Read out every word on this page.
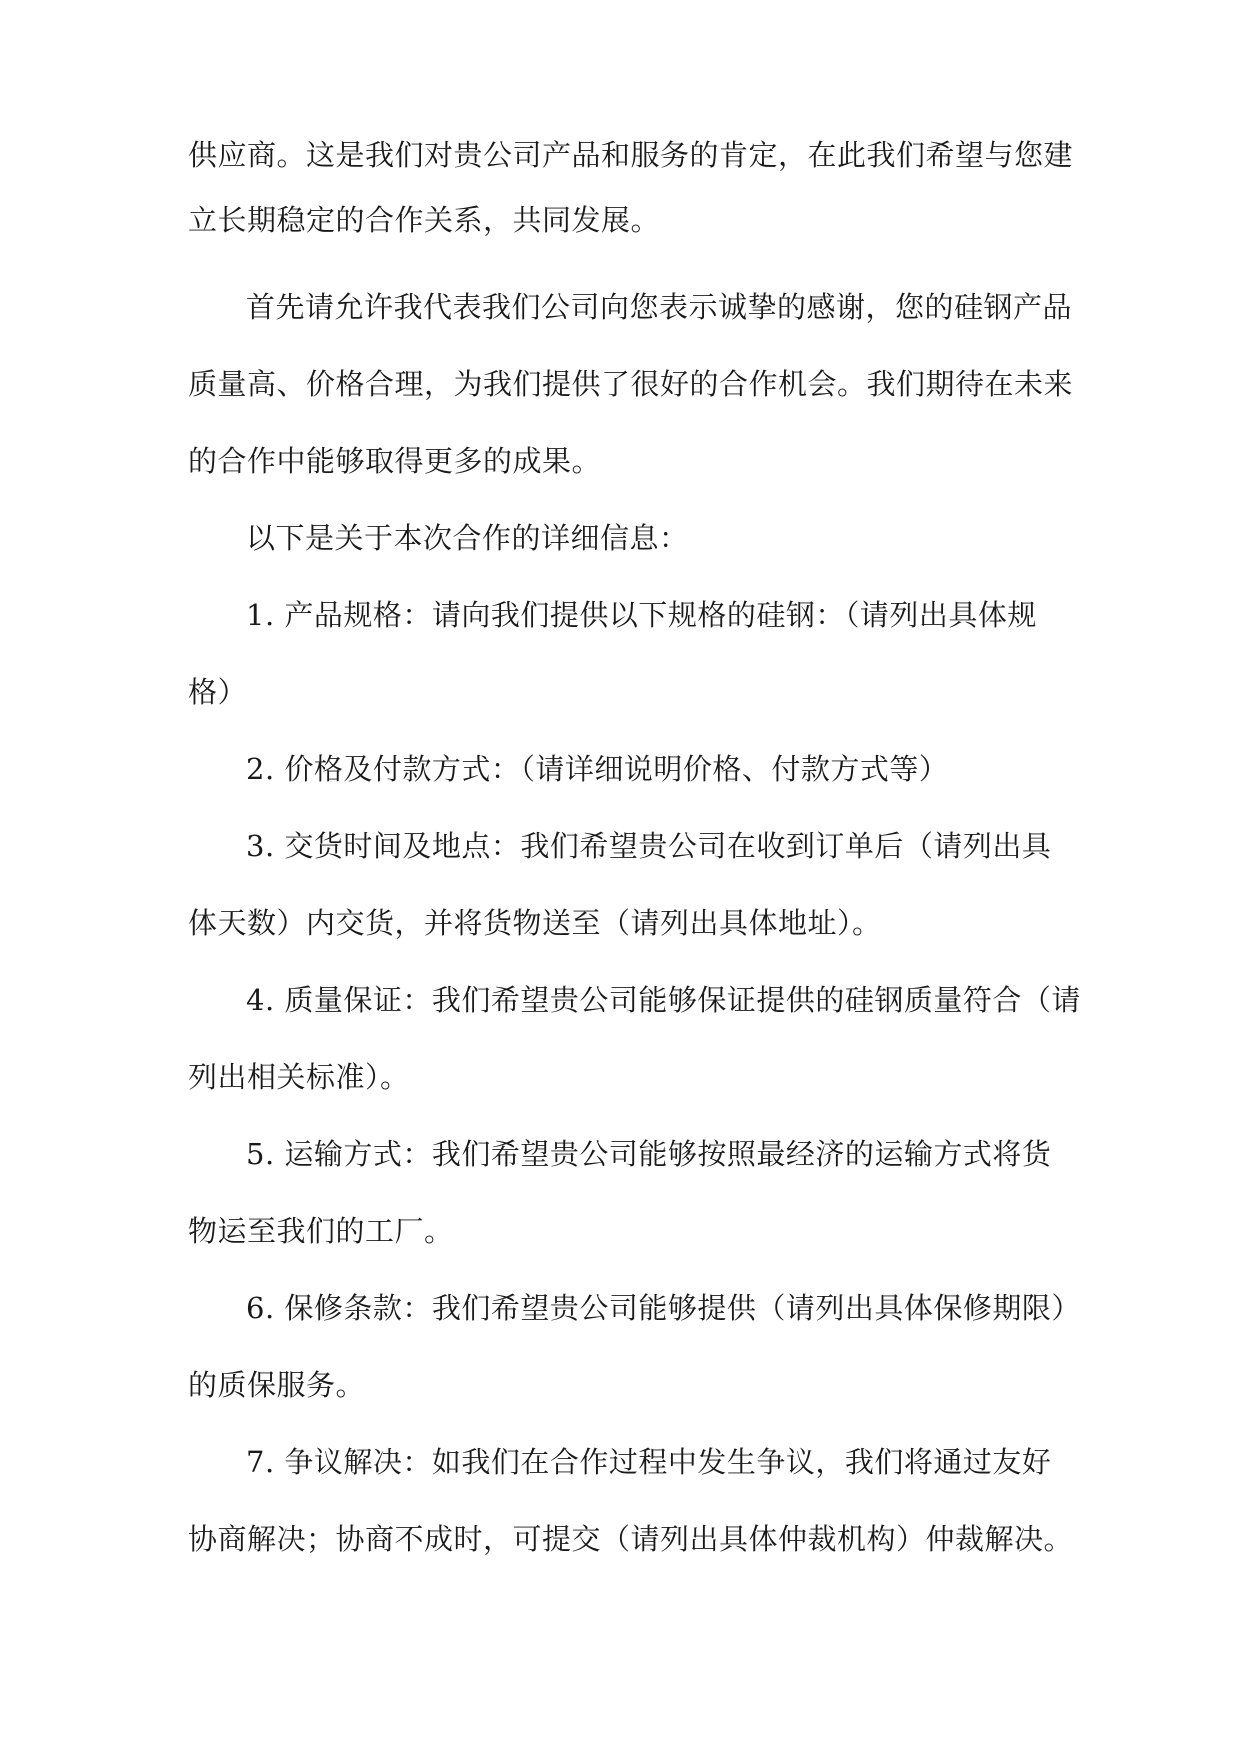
供应商。这是我们对贵公司产品和服务的肯定，在此我们希望与您建
立长期稳定的合作关系，共同发展。
首先请允许我代表我们公司向您表示诚挚的感谢，您的硅钢产品
质量高、价格合理，为我们提供了很好的合作机会。我们期待在未来
的合作中能够取得更多的成果。
以下是关于本次合作的详细信息：
1. 产品规格：请向我们提供以下规格的硅钢：（请列出具体规
格）
2. 价格及付款方式：（请详细说明价格、付款方式等）
3. 交货时间及地点：我们希望贵公司在收到订单后（请列出具
体天数）内交货，并将货物送至（请列出具体地址）。
4. 质量保证：我们希望贵公司能够保证提供的硅钢质量符合（请
列出相关标准）。
5. 运输方式：我们希望贵公司能够按照最经济的运输方式将货
物运至我们的工厂。
6. 保修条款：我们希望贵公司能够提供（请列出具体保修期限）
的质保服务。
7. 争议解决：如我们在合作过程中发生争议，我们将通过友好
协商解决；协商不成时，可提交（请列出具体仲裁机构）仲裁解决。
